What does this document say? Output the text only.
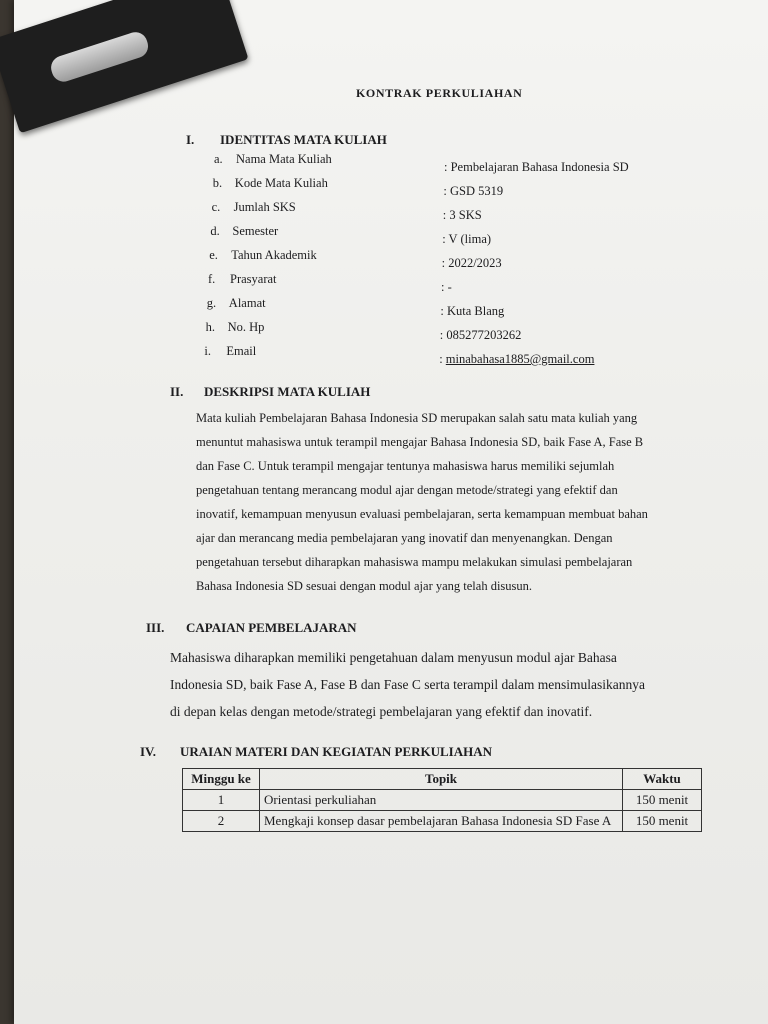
KONTRAK PERKULIAHAN
I. IDENTITAS MATA KULIAH
a. Nama Mata Kuliah
: Pembelajaran Bahasa Indonesia SD
b. Kode Mata Kuliah
: GSD 5319
c. Jumlah SKS
: 3 SKS
d. Semester
: V (lima)
e. Tahun Akademik
: 2022/2023
f. Prasyarat
: -
g. Alamat
: Kuta Blang
h. No. Hp
: 085277203262
i. Email
: minabahasa1885@gmail.com
II. DESKRIPSI MATA KULIAH
Mata kuliah Pembelajaran Bahasa Indonesia SD merupakan salah satu mata kuliah yang
menuntut mahasiswa untuk terampil mengajar Bahasa Indonesia SD, baik Fase A, Fase B
dan Fase C. Untuk terampil mengajar tentunya mahasiswa harus memiliki sejumlah
pengetahuan tentang merancang modul ajar dengan metode/strategi yang efektif dan
inovatif, kemampuan menyusun evaluasi pembelajaran, serta kemampuan membuat bahan
ajar dan merancang media pembelajaran yang inovatif dan menyenangkan. Dengan
pengetahuan tersebut diharapkan mahasiswa mampu melakukan simulasi pembelajaran
Bahasa Indonesia SD sesuai dengan modul ajar yang telah disusun.
III. CAPAIAN PEMBELAJARAN
Mahasiswa diharapkan memiliki pengetahuan dalam menyusun modul ajar Bahasa
Indonesia SD, baik Fase A, Fase B dan Fase C serta terampil dalam mensimulasikannya
di depan kelas dengan metode/strategi pembelajaran yang efektif dan inovatif.
IV. URAIAN MATERI DAN KEGIATAN PERKULIAHAN
Minggu ke	Topik	Waktu
1	Orientasi perkuliahan	150 menit
2	Mengkaji konsep dasar pembelajaran Bahasa Indonesia SD Fase A	150 menit
